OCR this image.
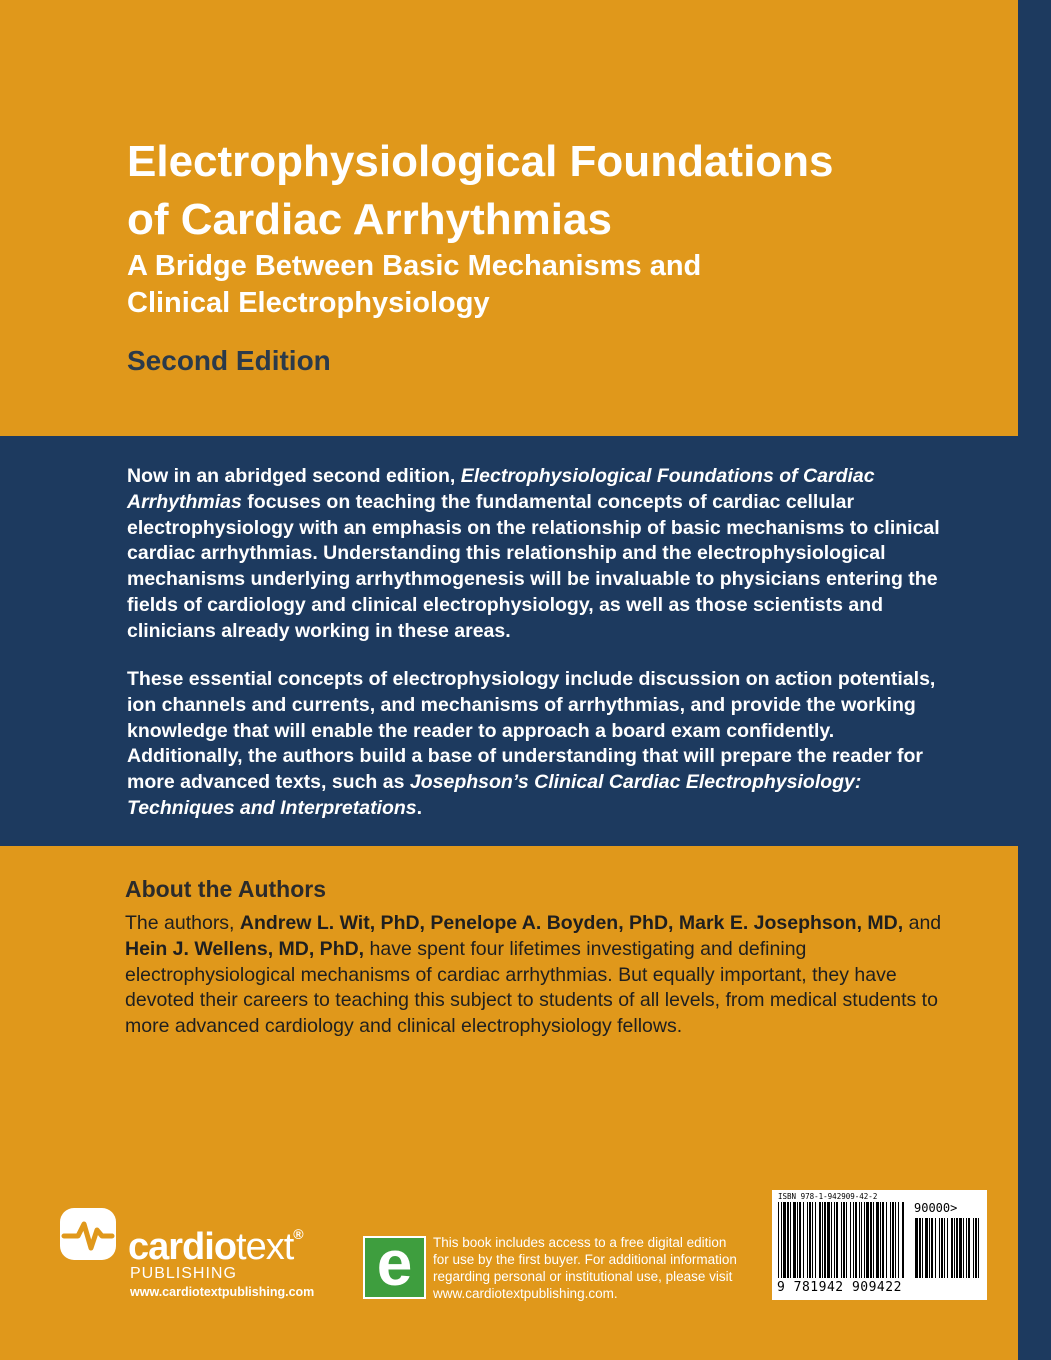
Electrophysiological Foundations
of Cardiac Arrhythmias
A Bridge Between Basic Mechanisms and
Clinical Electrophysiology
Second Edition

Now in an abridged second edition, Electrophysiological Foundations of Cardiac Arrhythmias focuses on teaching the fundamental concepts of cardiac cellular electrophysiology with an emphasis on the relationship of basic mechanisms to clinical cardiac arrhythmias. Understanding this relationship and the electrophysiological mechanisms underlying arrhythmogenesis will be invaluable to physicians entering the fields of cardiology and clinical electrophysiology, as well as those scientists and clinicians already working in these areas.

These essential concepts of electrophysiology include discussion on action potentials, ion channels and currents, and mechanisms of arrhythmias, and provide the working knowledge that will enable the reader to approach a board exam confidently. Additionally, the authors build a base of understanding that will prepare the reader for more advanced texts, such as Josephson’s Clinical Cardiac Electrophysiology: Techniques and Interpretations.

About the Authors

The authors, Andrew L. Wit, PhD, Penelope A. Boyden, PhD, Mark E. Josephson, MD, and Hein J. Wellens, MD, PhD, have spent four lifetimes investigating and defining electrophysiological mechanisms of cardiac arrhythmias. But equally important, they have devoted their careers to teaching this subject to students of all levels, from medical students to more advanced cardiology and clinical electrophysiology fellows.

cardiotext®
PUBLISHING
www.cardiotextpublishing.com e This book includes access to a free digital edition for use by the first buyer. For additional information regarding personal or institutional use, please visit www.cardiotextpublishing.com.

ISBN 978-1-942909-42-2
90000>
9 781942 909422
